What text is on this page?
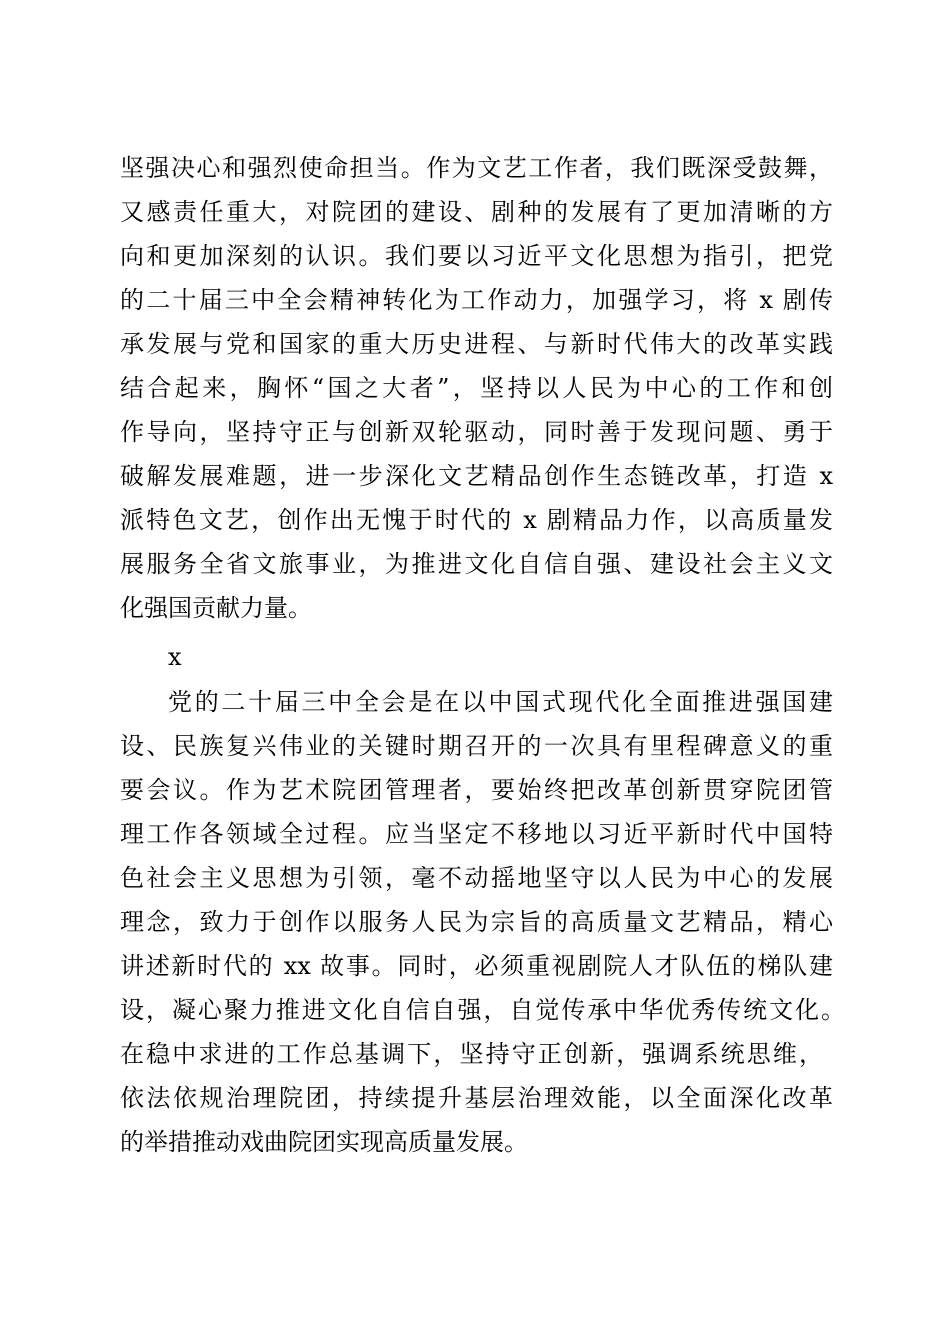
坚强决心和强烈使命担当。作为文艺工作者，我们既深受鼓舞，
又感责任重大，对院团的建设、剧种的发展有了更加清晰的方
向和更加深刻的认识。我们要以习近平文化思想为指引，把党
的二十届三中全会精神转化为工作动力，加强学习，将 x 剧传
承发展与党和国家的重大历史进程、与新时代伟大的改革实践
结合起来，胸怀“国之大者”，坚持以人民为中心的工作和创
作导向，坚持守正与创新双轮驱动，同时善于发现问题、勇于
破解发展难题，进一步深化文艺精品创作生态链改革，打造 x
派特色文艺，创作出无愧于时代的 x 剧精品力作，以高质量发
展服务全省文旅事业，为推进文化自信自强、建设社会主义文
化强国贡献力量。
x
党的二十届三中全会是在以中国式现代化全面推进强国建
设、民族复兴伟业的关键时期召开的一次具有里程碑意义的重
要会议。作为艺术院团管理者，要始终把改革创新贯穿院团管
理工作各领域全过程。应当坚定不移地以习近平新时代中国特
色社会主义思想为引领，毫不动摇地坚守以人民为中心的发展
理念，致力于创作以服务人民为宗旨的高质量文艺精品，精心
讲述新时代的 xx 故事。同时，必须重视剧院人才队伍的梯队建
设，凝心聚力推进文化自信自强，自觉传承中华优秀传统文化。
在稳中求进的工作总基调下，坚持守正创新，强调系统思维，
依法依规治理院团，持续提升基层治理效能，以全面深化改革
的举措推动戏曲院团实现高质量发展。
